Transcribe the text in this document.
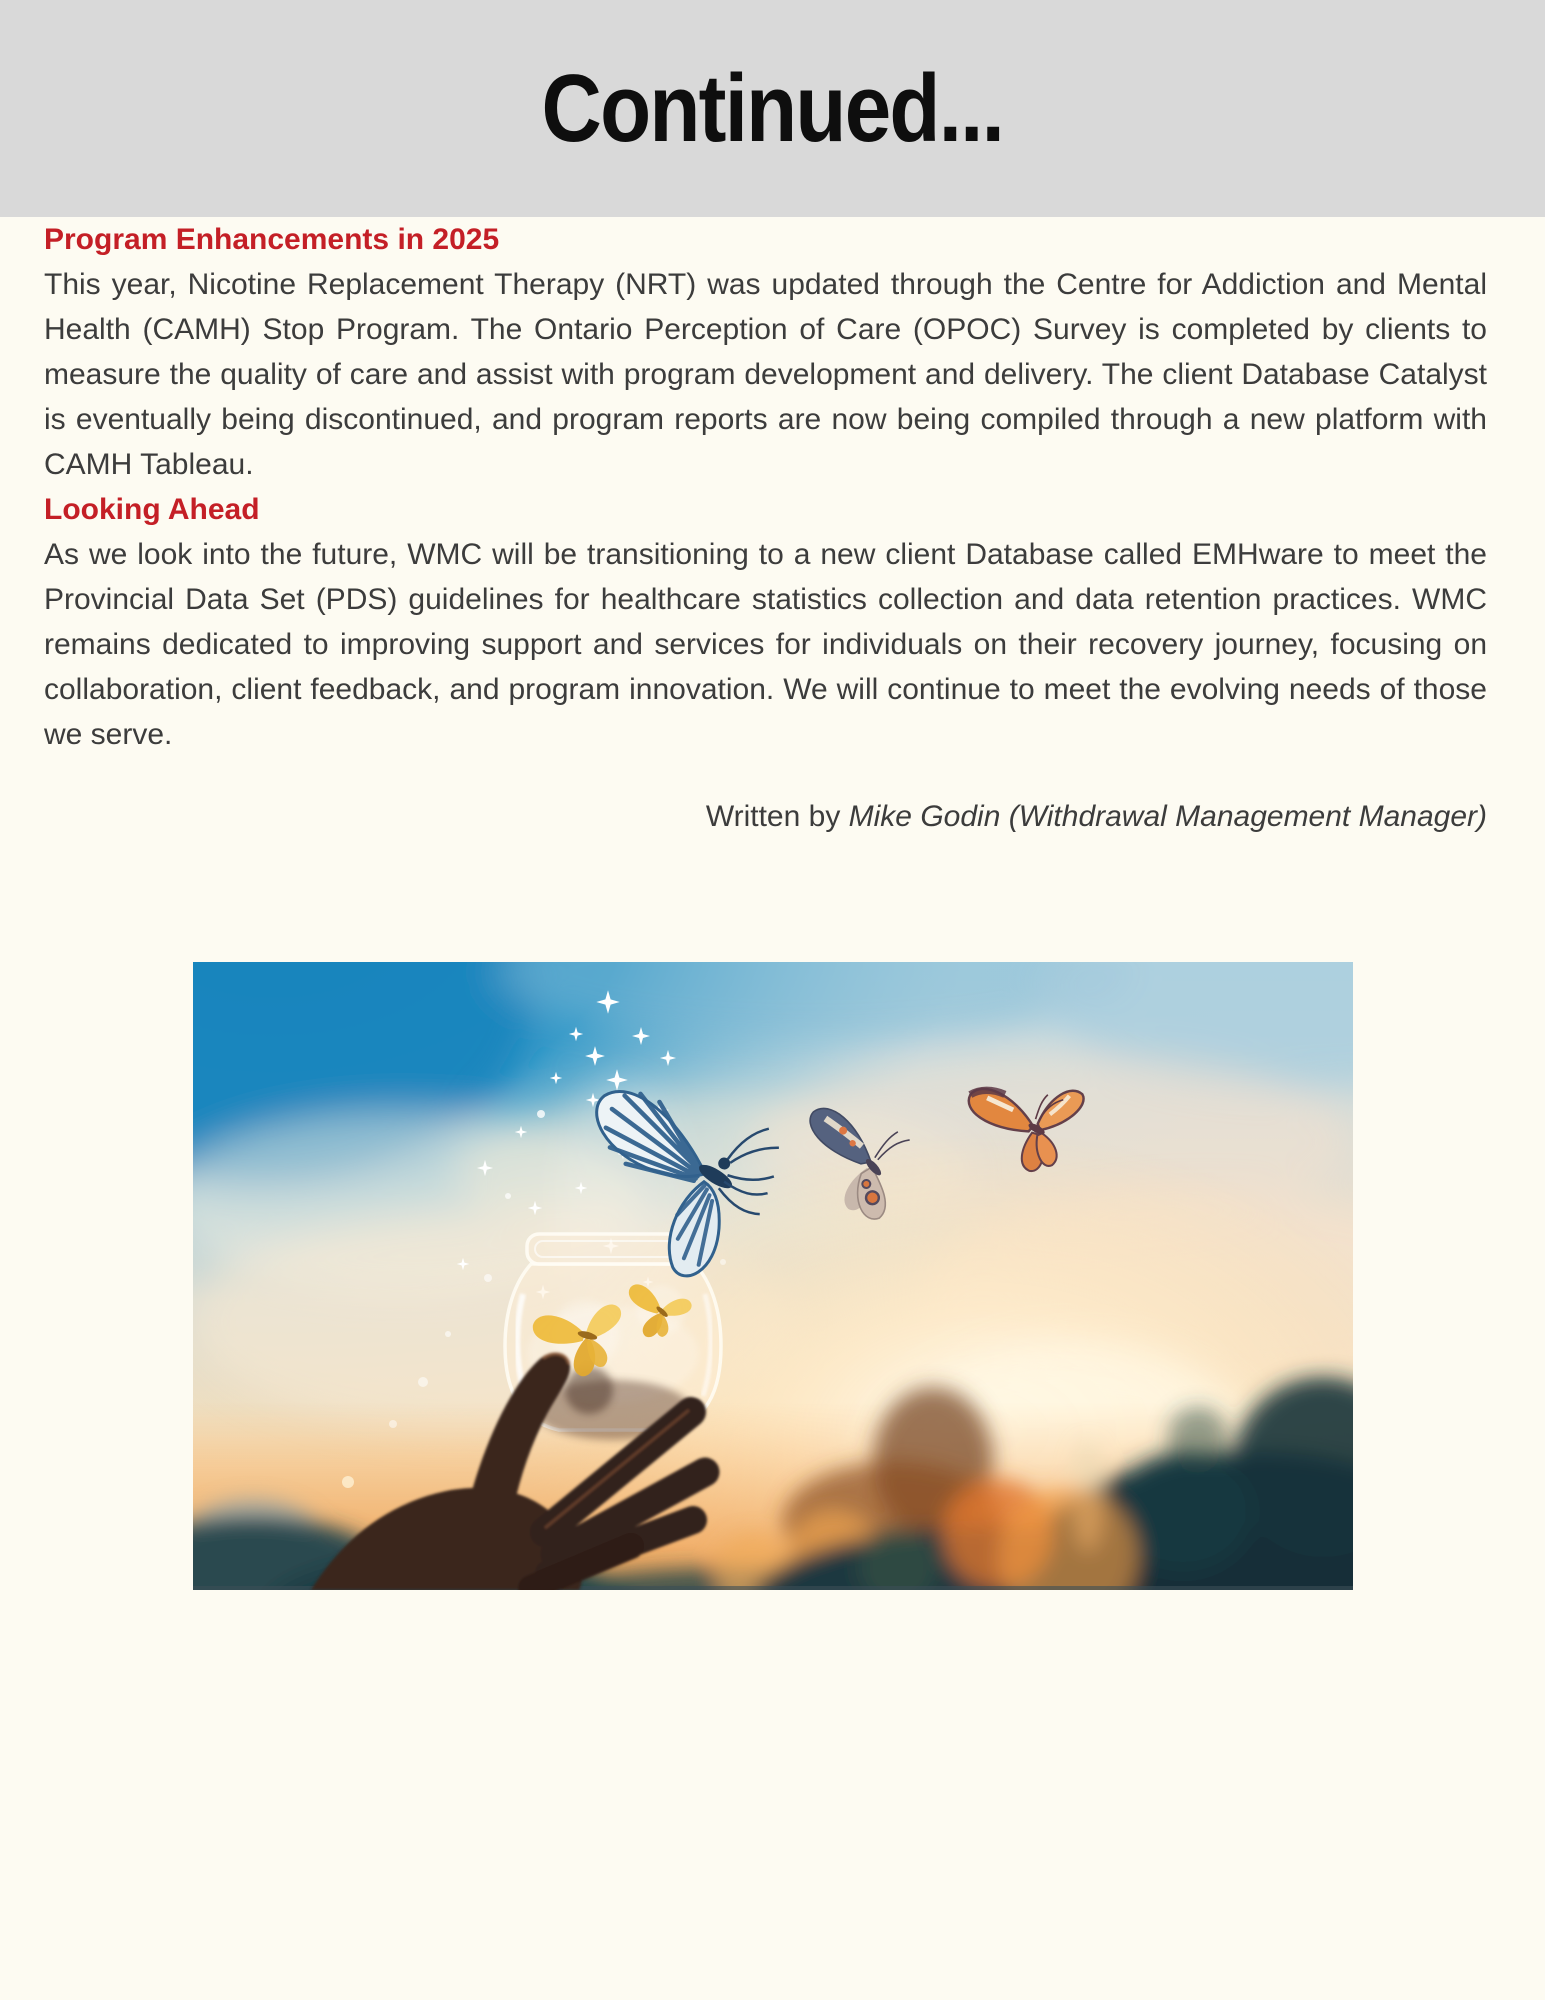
Continued...
Program Enhancements in 2025

This year, Nicotine Replacement Therapy (NRT) was updated through the Centre for Addiction and Mental Health (CAMH) Stop Program. The Ontario Perception of Care (OPOC) Survey is completed by clients to measure the quality of care and assist with program development and delivery. The client Database Catalyst is eventually being discontinued, and program reports are now being compiled through a new platform with CAMH Tableau.

Looking Ahead

As we look into the future, WMC will be transitioning to a new client Database called EMHware to meet the Provincial Data Set (PDS) guidelines for healthcare statistics collection and data retention practices. WMC remains dedicated to improving support and services for individuals on their recovery journey, focusing on collaboration, client feedback, and program innovation. We will continue to meet the evolving needs of those we serve.

Written by Mike Godin (Withdrawal Management Manager)
